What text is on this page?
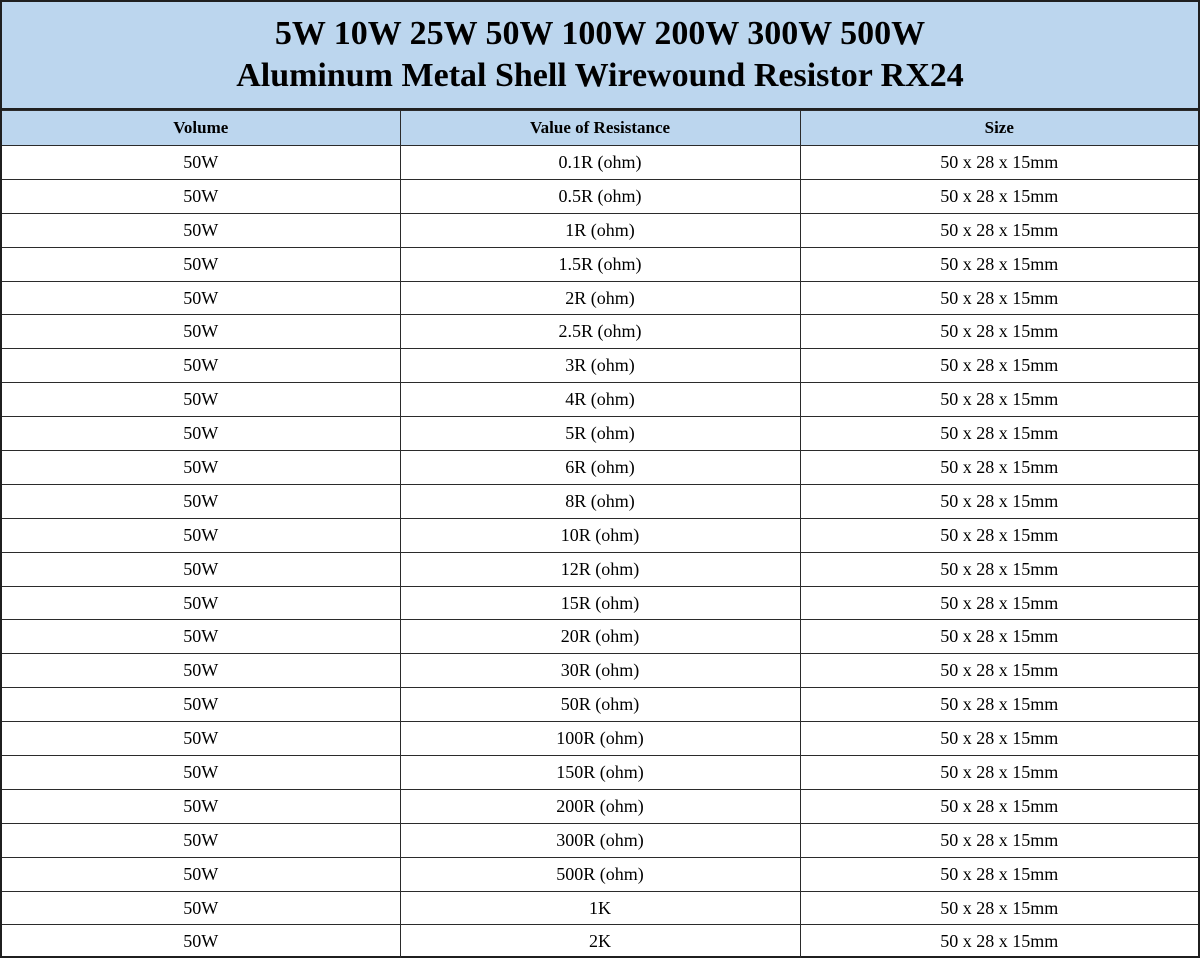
5W 10W 25W 50W 100W 200W 300W 500W
Aluminum Metal Shell Wirewound Resistor RX24
Volume	Value of Resistance	Size
50W	0.1R (ohm)	50 x 28 x 15mm
50W	0.5R (ohm)	50 x 28 x 15mm
50W	1R (ohm)	50 x 28 x 15mm
50W	1.5R (ohm)	50 x 28 x 15mm
50W	2R (ohm)	50 x 28 x 15mm
50W	2.5R (ohm)	50 x 28 x 15mm
50W	3R (ohm)	50 x 28 x 15mm
50W	4R (ohm)	50 x 28 x 15mm
50W	5R (ohm)	50 x 28 x 15mm
50W	6R (ohm)	50 x 28 x 15mm
50W	8R (ohm)	50 x 28 x 15mm
50W	10R (ohm)	50 x 28 x 15mm
50W	12R (ohm)	50 x 28 x 15mm
50W	15R (ohm)	50 x 28 x 15mm
50W	20R (ohm)	50 x 28 x 15mm
50W	30R (ohm)	50 x 28 x 15mm
50W	50R (ohm)	50 x 28 x 15mm
50W	100R (ohm)	50 x 28 x 15mm
50W	150R (ohm)	50 x 28 x 15mm
50W	200R (ohm)	50 x 28 x 15mm
50W	300R (ohm)	50 x 28 x 15mm
50W	500R (ohm)	50 x 28 x 15mm
50W	1K	50 x 28 x 15mm
50W	2K	50 x 28 x 15mm
